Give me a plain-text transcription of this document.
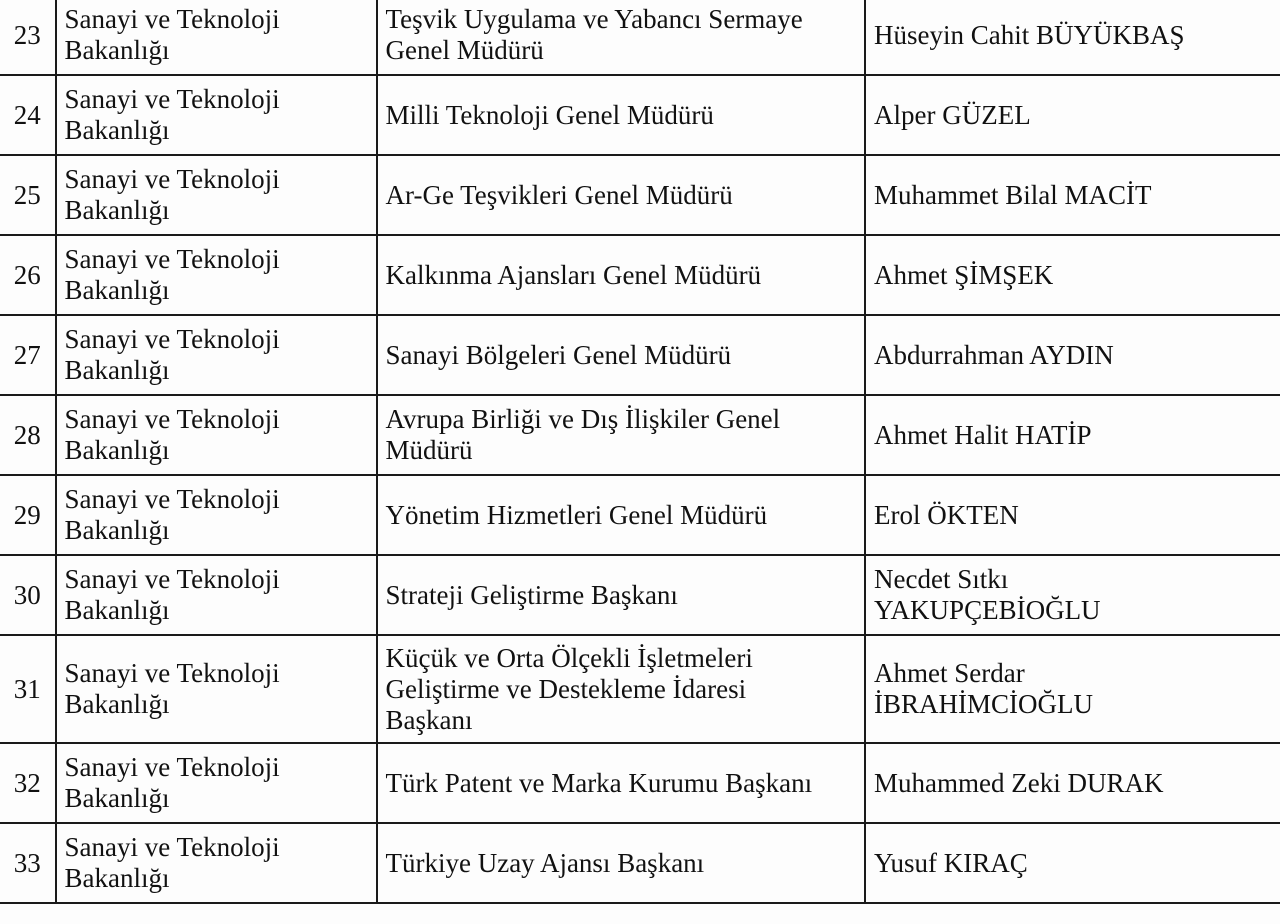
23	Sanayi ve Teknoloji
Bakanlığı	Teşvik Uygulama ve Yabancı Sermaye
Genel Müdürü	Hüseyin Cahit BÜYÜKBAŞ

24	Sanayi ve Teknoloji
Bakanlığı	Milli Teknoloji Genel Müdürü	Alper GÜZEL

25	Sanayi ve Teknoloji
Bakanlığı	Ar-Ge Teşvikleri Genel Müdürü	Muhammet Bilal MACİT

26	Sanayi ve Teknoloji
Bakanlığı	Kalkınma Ajansları Genel Müdürü	Ahmet ŞİMŞEK

27	Sanayi ve Teknoloji
Bakanlığı	Sanayi Bölgeleri Genel Müdürü	Abdurrahman AYDIN

28	Sanayi ve Teknoloji
Bakanlığı	Avrupa Birliği ve Dış İlişkiler Genel
Müdürü	Ahmet Halit HATİP

29	Sanayi ve Teknoloji
Bakanlığı	Yönetim Hizmetleri Genel Müdürü	Erol ÖKTEN

30	Sanayi ve Teknoloji
Bakanlığı	Strateji Geliştirme Başkanı	Necdet Sıtkı
YAKUPÇEBİOĞLU

31	Sanayi ve Teknoloji
Bakanlığı	Küçük ve Orta Ölçekli İşletmeleri
Geliştirme ve Destekleme İdaresi
Başkanı	Ahmet Serdar
İBRAHİMCİOĞLU

32	Sanayi ve Teknoloji
Bakanlığı	Türk Patent ve Marka Kurumu Başkanı	Muhammed Zeki DURAK

33	Sanayi ve Teknoloji
Bakanlığı	Türkiye Uzay Ajansı Başkanı	Yusuf KIRAÇ
